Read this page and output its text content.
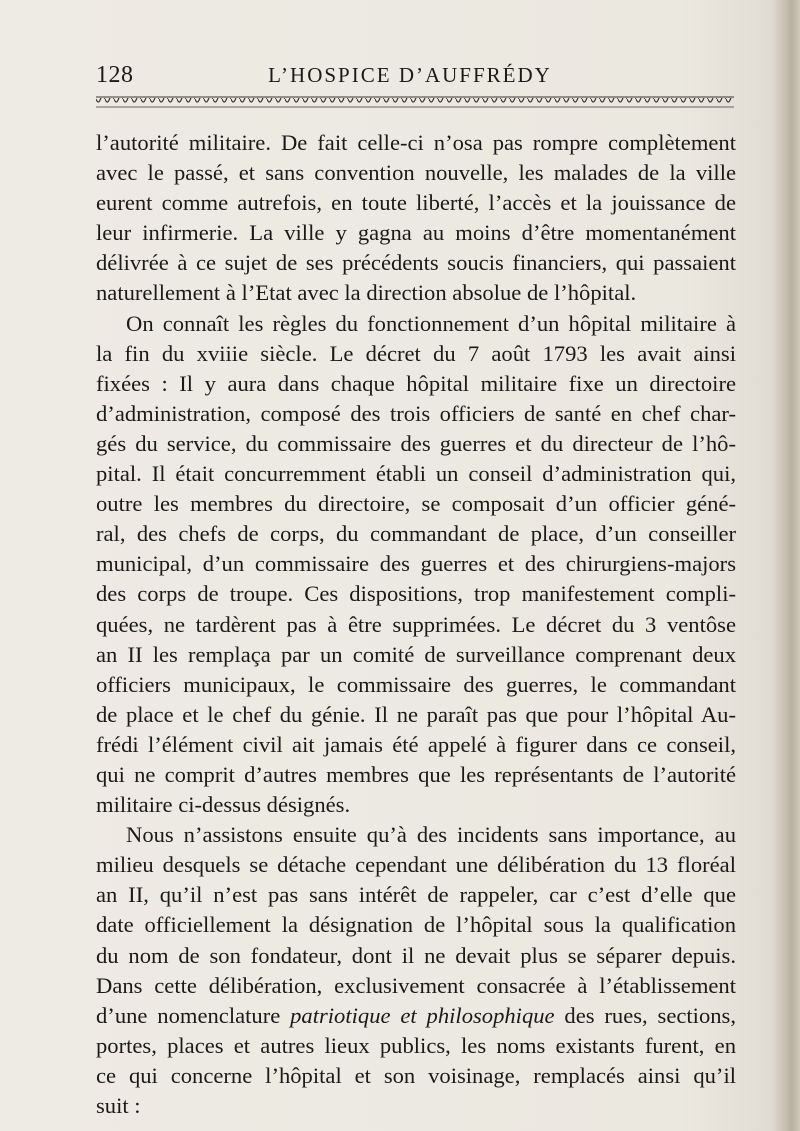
128	L’HOSPICE D’AUFFRÉDY
l’autorité militaire. De fait celle-ci n’osa pas rompre complètement
avec le passé, et sans convention nouvelle, les malades de la ville
eurent comme autrefois, en toute liberté, l’accès et la jouissance de
leur infirmerie. La ville y gagna au moins d’être momentanément
délivrée à ce sujet de ses précédents soucis financiers, qui passaient
naturellement à l’Etat avec la direction absolue de l’hôpital.
On connaît les règles du fonctionnement d’un hôpital militaire à
la fin du xviiie siècle. Le décret du 7 août 1793 les avait ainsi
fixées : Il y aura dans chaque hôpital militaire fixe un directoire
d’administration, composé des trois officiers de santé en chef char-
gés du service, du commissaire des guerres et du directeur de l’hô-
pital. Il était concurremment établi un conseil d’administration qui,
outre les membres du directoire, se composait d’un officier géné-
ral, des chefs de corps, du commandant de place, d’un conseiller
municipal, d’un commissaire des guerres et des chirurgiens-majors
des corps de troupe. Ces dispositions, trop manifestement compli-
quées, ne tardèrent pas à être supprimées. Le décret du 3 ventôse
an II les remplaça par un comité de surveillance comprenant deux
officiers municipaux, le commissaire des guerres, le commandant
de place et le chef du génie. Il ne paraît pas que pour l’hôpital Au-
frédi l’élément civil ait jamais été appelé à figurer dans ce conseil,
qui ne comprit d’autres membres que les représentants de l’autorité
militaire ci-dessus désignés.
Nous n’assistons ensuite qu’à des incidents sans importance, au
milieu desquels se détache cependant une délibération du 13 floréal
an II, qu’il n’est pas sans intérêt de rappeler, car c’est d’elle que
date officiellement la désignation de l’hôpital sous la qualification
du nom de son fondateur, dont il ne devait plus se séparer depuis.
Dans cette délibération, exclusivement consacrée à l’établissement
d’une nomenclature patriotique et philosophique des rues, sections,
portes, places et autres lieux publics, les noms existants furent, en
ce qui concerne l’hôpital et son voisinage, remplacés ainsi qu’il
suit :
